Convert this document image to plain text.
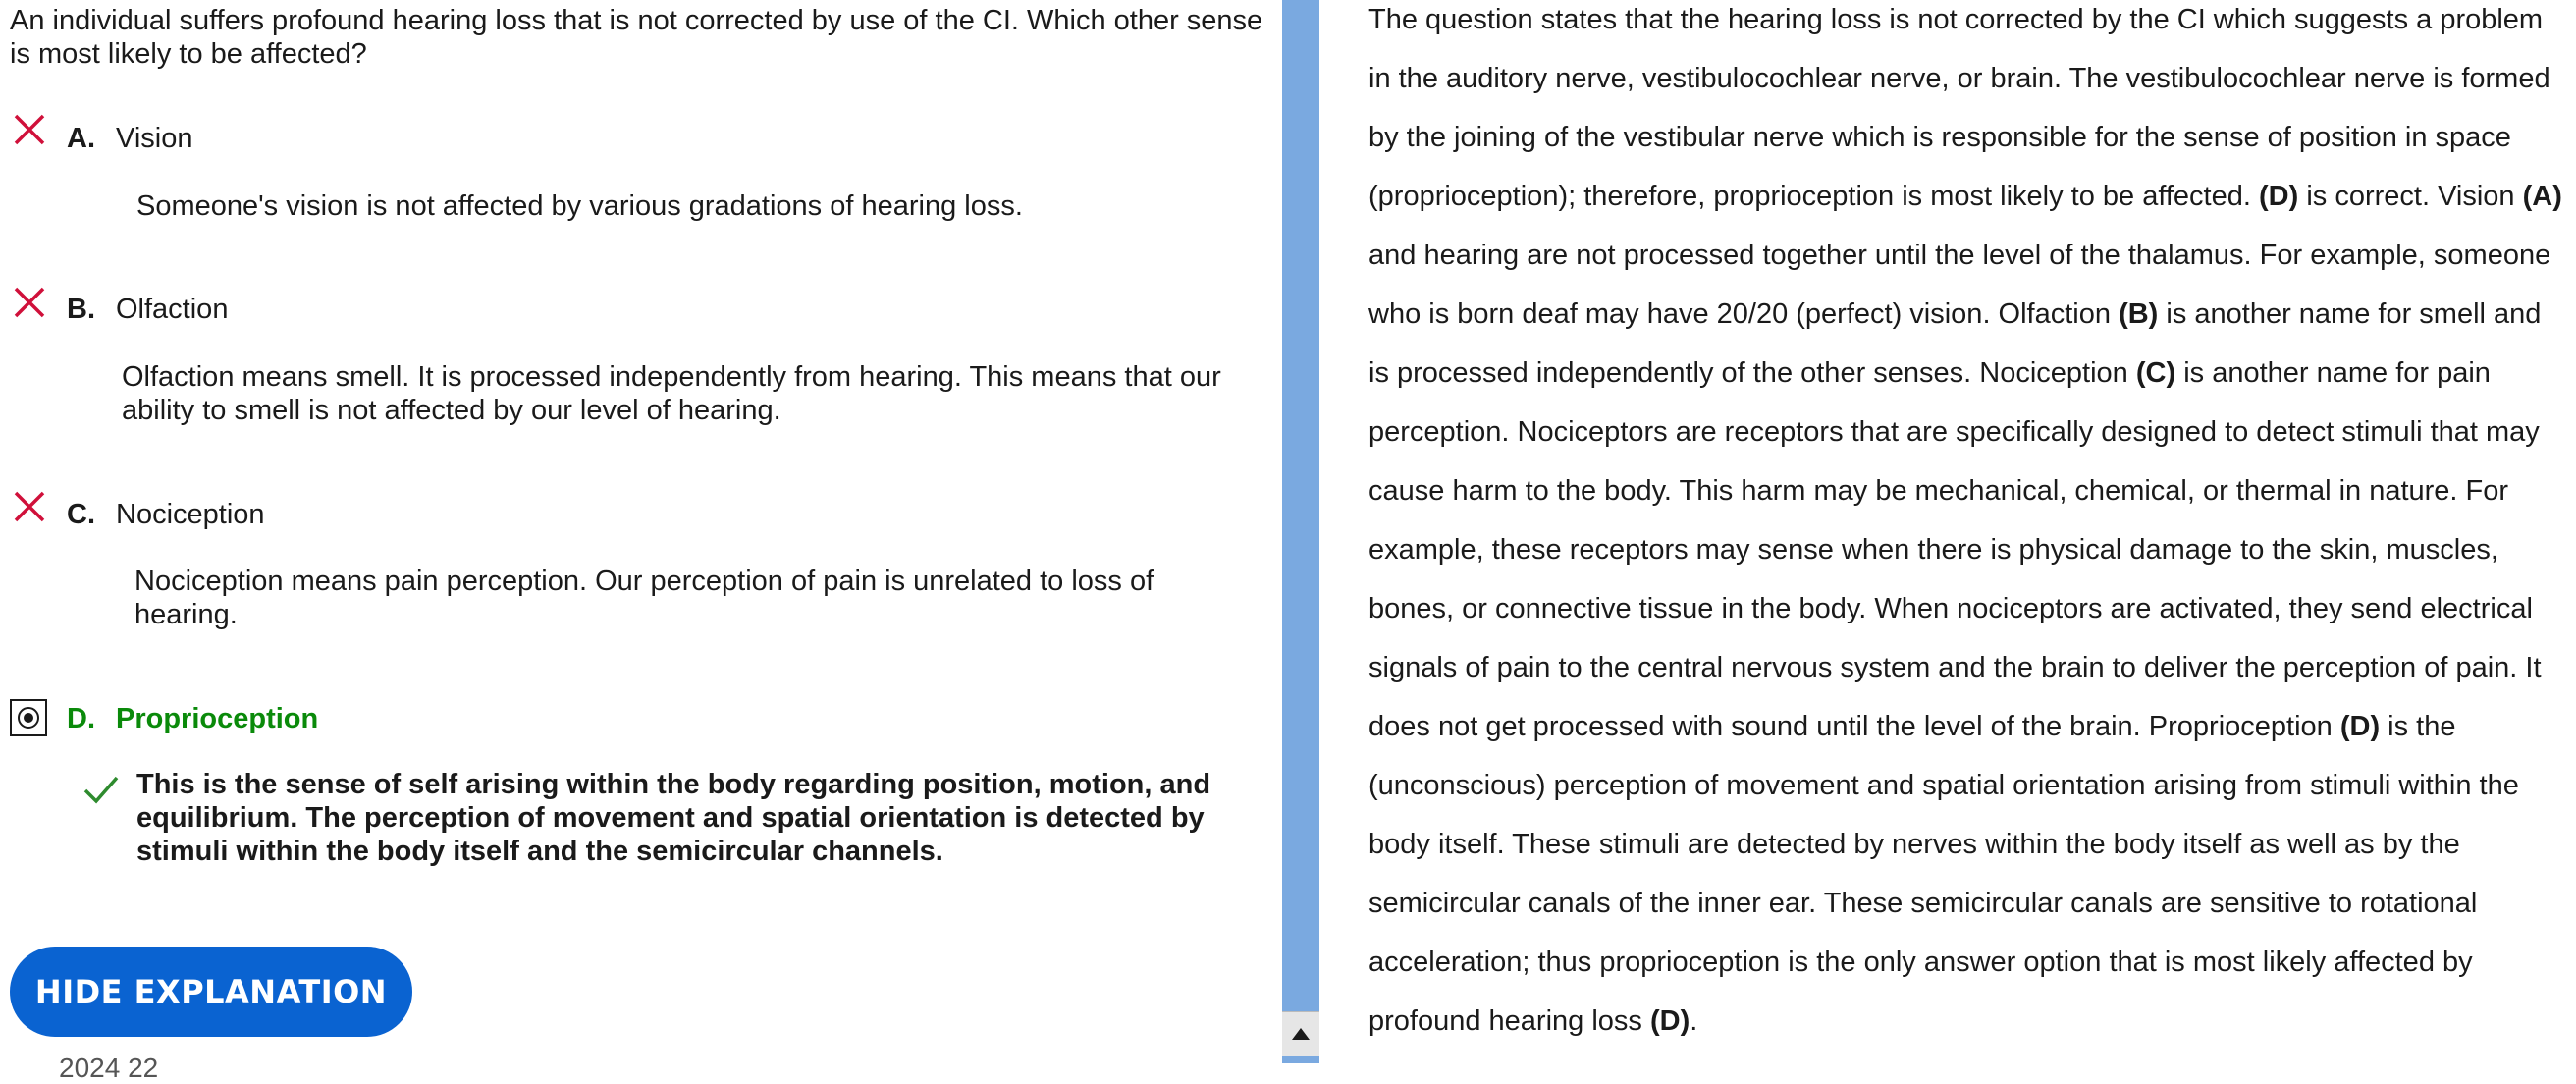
An individual suffers profound hearing loss that is not corrected by use of the CI. Which other sense is most likely to be affected?

A. Vision

Someone's vision is not affected by various gradations of hearing loss.

B. Olfaction

Olfaction means smell. It is processed independently from hearing. This means that our ability to smell is not affected by our level of hearing.

C. Nociception

Nociception means pain perception. Our perception of pain is unrelated to loss of hearing.

D. Proprioception

This is the sense of self arising within the body regarding position, motion, and equilibrium. The perception of movement and spatial orientation is detected by stimuli within the body itself and the semicircular channels.

HIDE EXPLANATION
2024 22

The question states that the hearing loss is not corrected by the CI which suggests a problem in the auditory nerve, vestibulocochlear nerve, or brain. The vestibulocochlear nerve is formed by the joining of the vestibular nerve which is responsible for the sense of position in space (proprioception); therefore, proprioception is most likely to be affected. (D) is correct. Vision (A) and hearing are not processed together until the level of the thalamus. For example, someone who is born deaf may have 20/20 (perfect) vision. Olfaction (B) is another name for smell and is processed independently of the other senses. Nociception (C) is another name for pain perception. Nociceptors are receptors that are specifically designed to detect stimuli that may cause harm to the body. This harm may be mechanical, chemical, or thermal in nature. For example, these receptors may sense when there is physical damage to the skin, muscles, bones, or connective tissue in the body. When nociceptors are activated, they send electrical signals of pain to the central nervous system and the brain to deliver the perception of pain. It does not get processed with sound until the level of the brain. Proprioception (D) is the (unconscious) perception of movement and spatial orientation arising from stimuli within the body itself. These stimuli are detected by nerves within the body itself as well as by the semicircular canals of the inner ear. These semicircular canals are sensitive to rotational acceleration; thus proprioception is the only answer option that is most likely affected by profound hearing loss (D).
